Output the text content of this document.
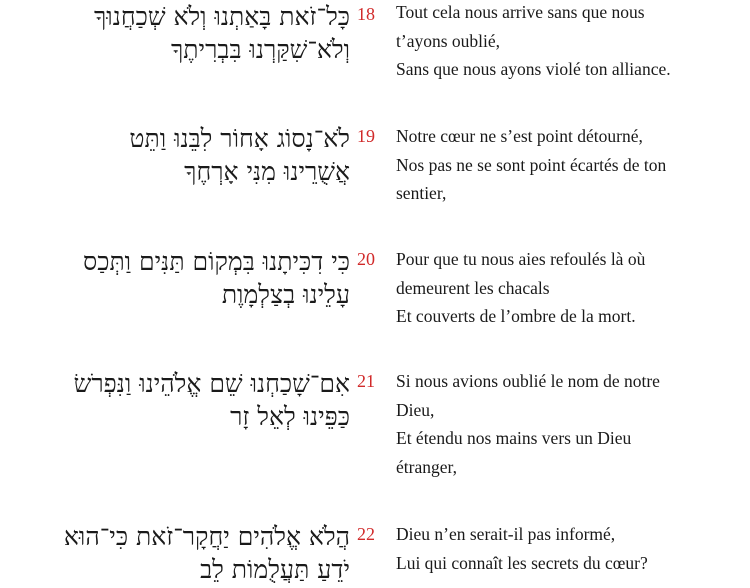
כָּל־זֹאת בָּאַתְנוּ וְלֹא שְׁכַחֲנוּךָ
וְלֹא־שִׁקַּרְנוּ בִּבְרִיתֶךָ
18 Tout cela nous arrive sans que nous
t’ayons oublié,
Sans que nous ayons violé ton alliance.
לֹא־נָסוֹג אָחוֹר לִבֵּנוּ וַתֵּט
אֲשֻׁרֵינוּ מִנִּי אָרְחֶךָ
19 Notre cœur ne s’est point détourné,
Nos pas ne se sont point écartés de ton
sentier,
כִּי דִכִּיתָנוּ בִּמְקוֹם תַּנִּים וַתְּכַס
עָלֵינוּ בְצַלְמָוֶת
20 Pour que tu nous aies refoulés là où
demeurent les chacals
Et couverts de l’ombre de la mort.
אִם־שָׁכַחְנוּ שֵׁם אֱלֹהֵינוּ וַנִּפְרֹשׂ
כַּפֵּינוּ לְאֵל זָר
21 Si nous avions oublié le nom de notre
Dieu,
Et étendu nos mains vers un Dieu
étranger,
הֲלֹא אֱלֹהִים יַחֲקָר־זֹאת כִּי־הוּא
יֹדֵעַ תַּעֲלֻמוֹת לֵב
22 Dieu n’en serait-il pas informé,
Lui qui connaît les secrets du cœur?
